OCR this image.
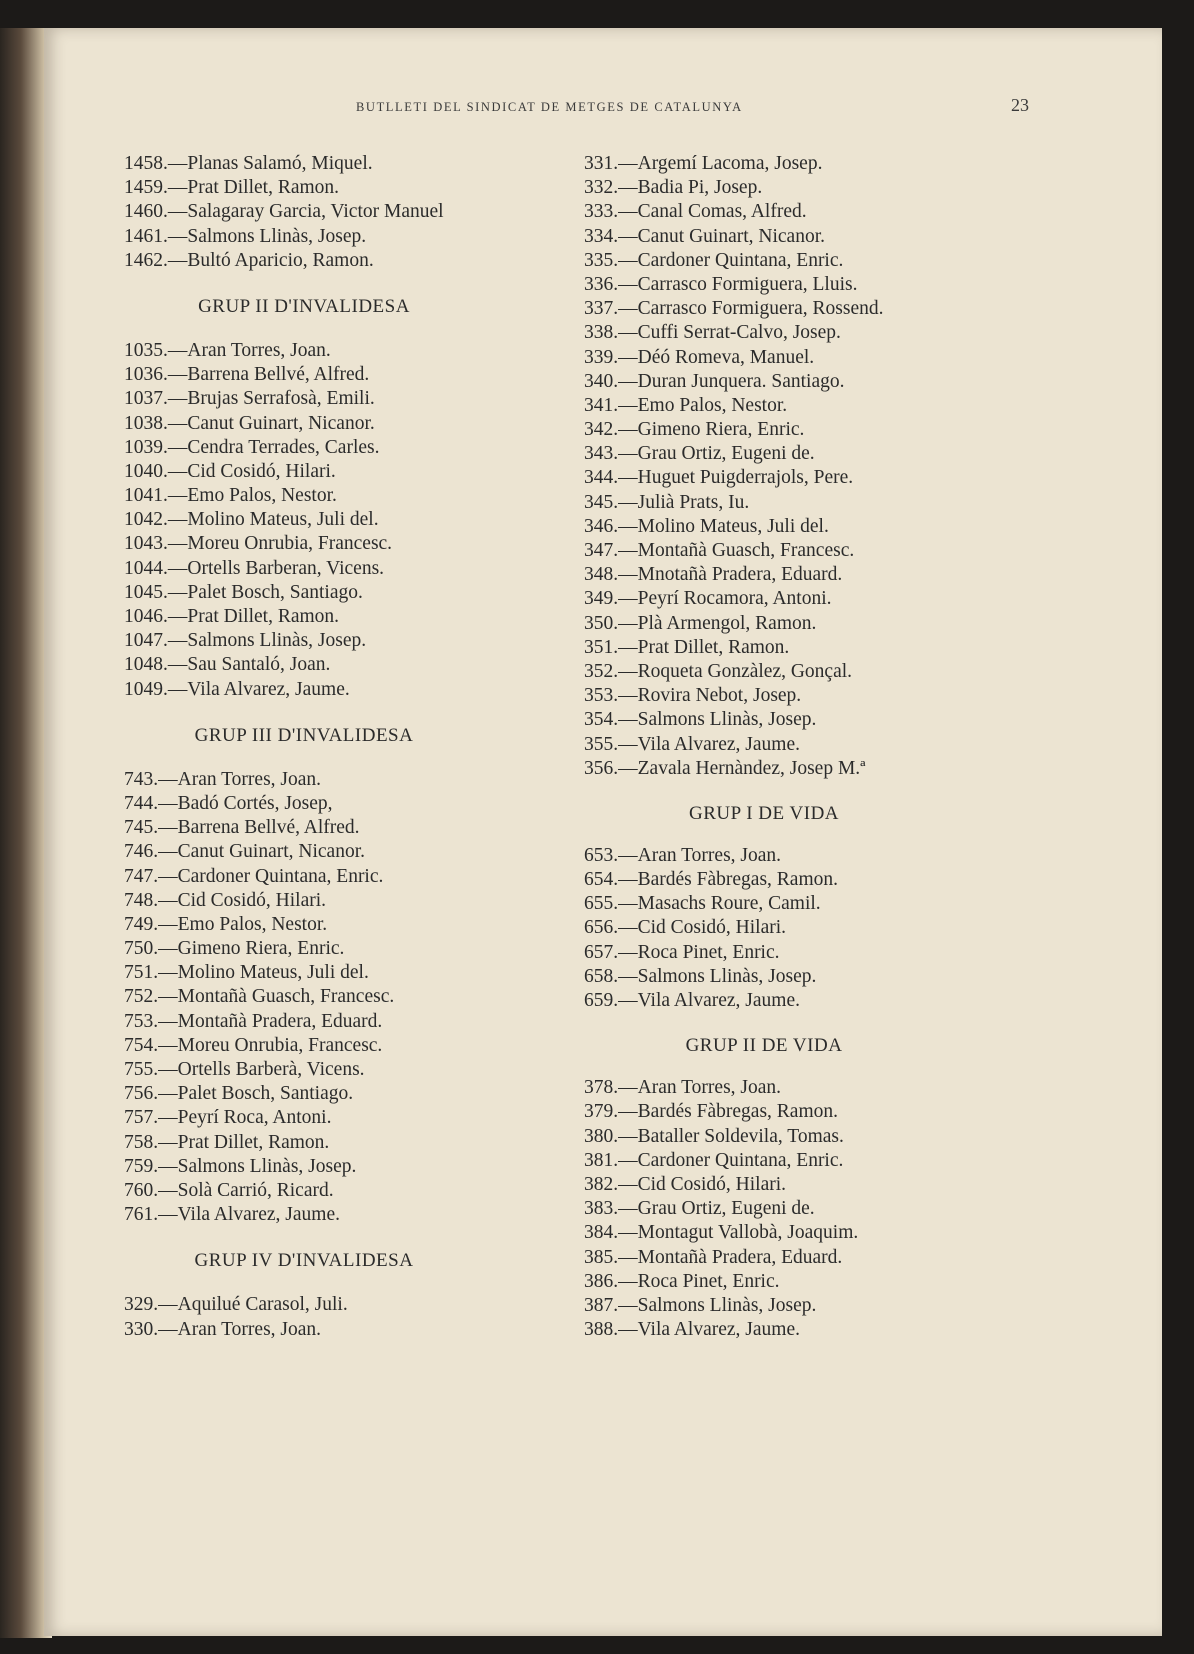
BUTLLETI DEL SINDICAT DE METGES DE CATALUNYA	23
1458.—Planas Salamó, Miquel.
1459.—Prat Dillet, Ramon.
1460.—Salagaray Garcia, Victor Manuel
1461.—Salmons Llinàs, Josep.
1462.—Bultó Aparicio, Ramon.
GRUP II D'INVALIDESA
1035.—Aran Torres, Joan.
1036.—Barrena Bellvé, Alfred.
1037.—Brujas Serrafosà, Emili.
1038.—Canut Guinart, Nicanor.
1039.—Cendra Terrades, Carles.
1040.—Cid Cosidó, Hilari.
1041.—Emo Palos, Nestor.
1042.—Molino Mateus, Juli del.
1043.—Moreu Onrubia, Francesc.
1044.—Ortells Barberan, Vicens.
1045.—Palet Bosch, Santiago.
1046.—Prat Dillet, Ramon.
1047.—Salmons Llinàs, Josep.
1048.—Sau Santaló, Joan.
1049.—Vila Alvarez, Jaume.
GRUP III D'INVALIDESA
743.—Aran Torres, Joan.
744.—Badó Cortés, Josep,
745.—Barrena Bellvé, Alfred.
746.—Canut Guinart, Nicanor.
747.—Cardoner Quintana, Enric.
748.—Cid Cosidó, Hilari.
749.—Emo Palos, Nestor.
750.—Gimeno Riera, Enric.
751.—Molino Mateus, Juli del.
752.—Montañà Guasch, Francesc.
753.—Montañà Pradera, Eduard.
754.—Moreu Onrubia, Francesc.
755.—Ortells Barberà, Vicens.
756.—Palet Bosch, Santiago.
757.—Peyrí Roca, Antoni.
758.—Prat Dillet, Ramon.
759.—Salmons Llinàs, Josep.
760.—Solà Carrió, Ricard.
761.—Vila Alvarez, Jaume.
GRUP IV D'INVALIDESA
329.—Aquilué Carasol, Juli.
330.—Aran Torres, Joan.
331.—Argemí Lacoma, Josep.
332.—Badia Pi, Josep.
333.—Canal Comas, Alfred.
334.—Canut Guinart, Nicanor.
335.—Cardoner Quintana, Enric.
336.—Carrasco Formiguera, Lluis.
337.—Carrasco Formiguera, Rossend.
338.—Cuffi Serrat-Calvo, Josep.
339.—Déó Romeva, Manuel.
340.—Duran Junquera. Santiago.
341.—Emo Palos, Nestor.
342.—Gimeno Riera, Enric.
343.—Grau Ortiz, Eugeni de.
344.—Huguet Puigderrajols, Pere.
345.—Julià Prats, Iu.
346.—Molino Mateus, Juli del.
347.—Montañà Guasch, Francesc.
348.—Mnotañà Pradera, Eduard.
349.—Peyrí Rocamora, Antoni.
350.—Plà Armengol, Ramon.
351.—Prat Dillet, Ramon.
352.—Roqueta Gonzàlez, Gonçal.
353.—Rovira Nebot, Josep.
354.—Salmons Llinàs, Josep.
355.—Vila Alvarez, Jaume.
356.—Zavala Hernàndez, Josep M.ª
GRUP I DE VIDA
653.—Aran Torres, Joan.
654.—Bardés Fàbregas, Ramon.
655.—Masachs Roure, Camil.
656.—Cid Cosidó, Hilari.
657.—Roca Pinet, Enric.
658.—Salmons Llinàs, Josep.
659.—Vila Alvarez, Jaume.
GRUP II DE VIDA
378.—Aran Torres, Joan.
379.—Bardés Fàbregas, Ramon.
380.—Bataller Soldevila, Tomas.
381.—Cardoner Quintana, Enric.
382.—Cid Cosidó, Hilari.
383.—Grau Ortiz, Eugeni de.
384.—Montagut Vallobà, Joaquim.
385.—Montañà Pradera, Eduard.
386.—Roca Pinet, Enric.
387.—Salmons Llinàs, Josep.
388.—Vila Alvarez, Jaume.
